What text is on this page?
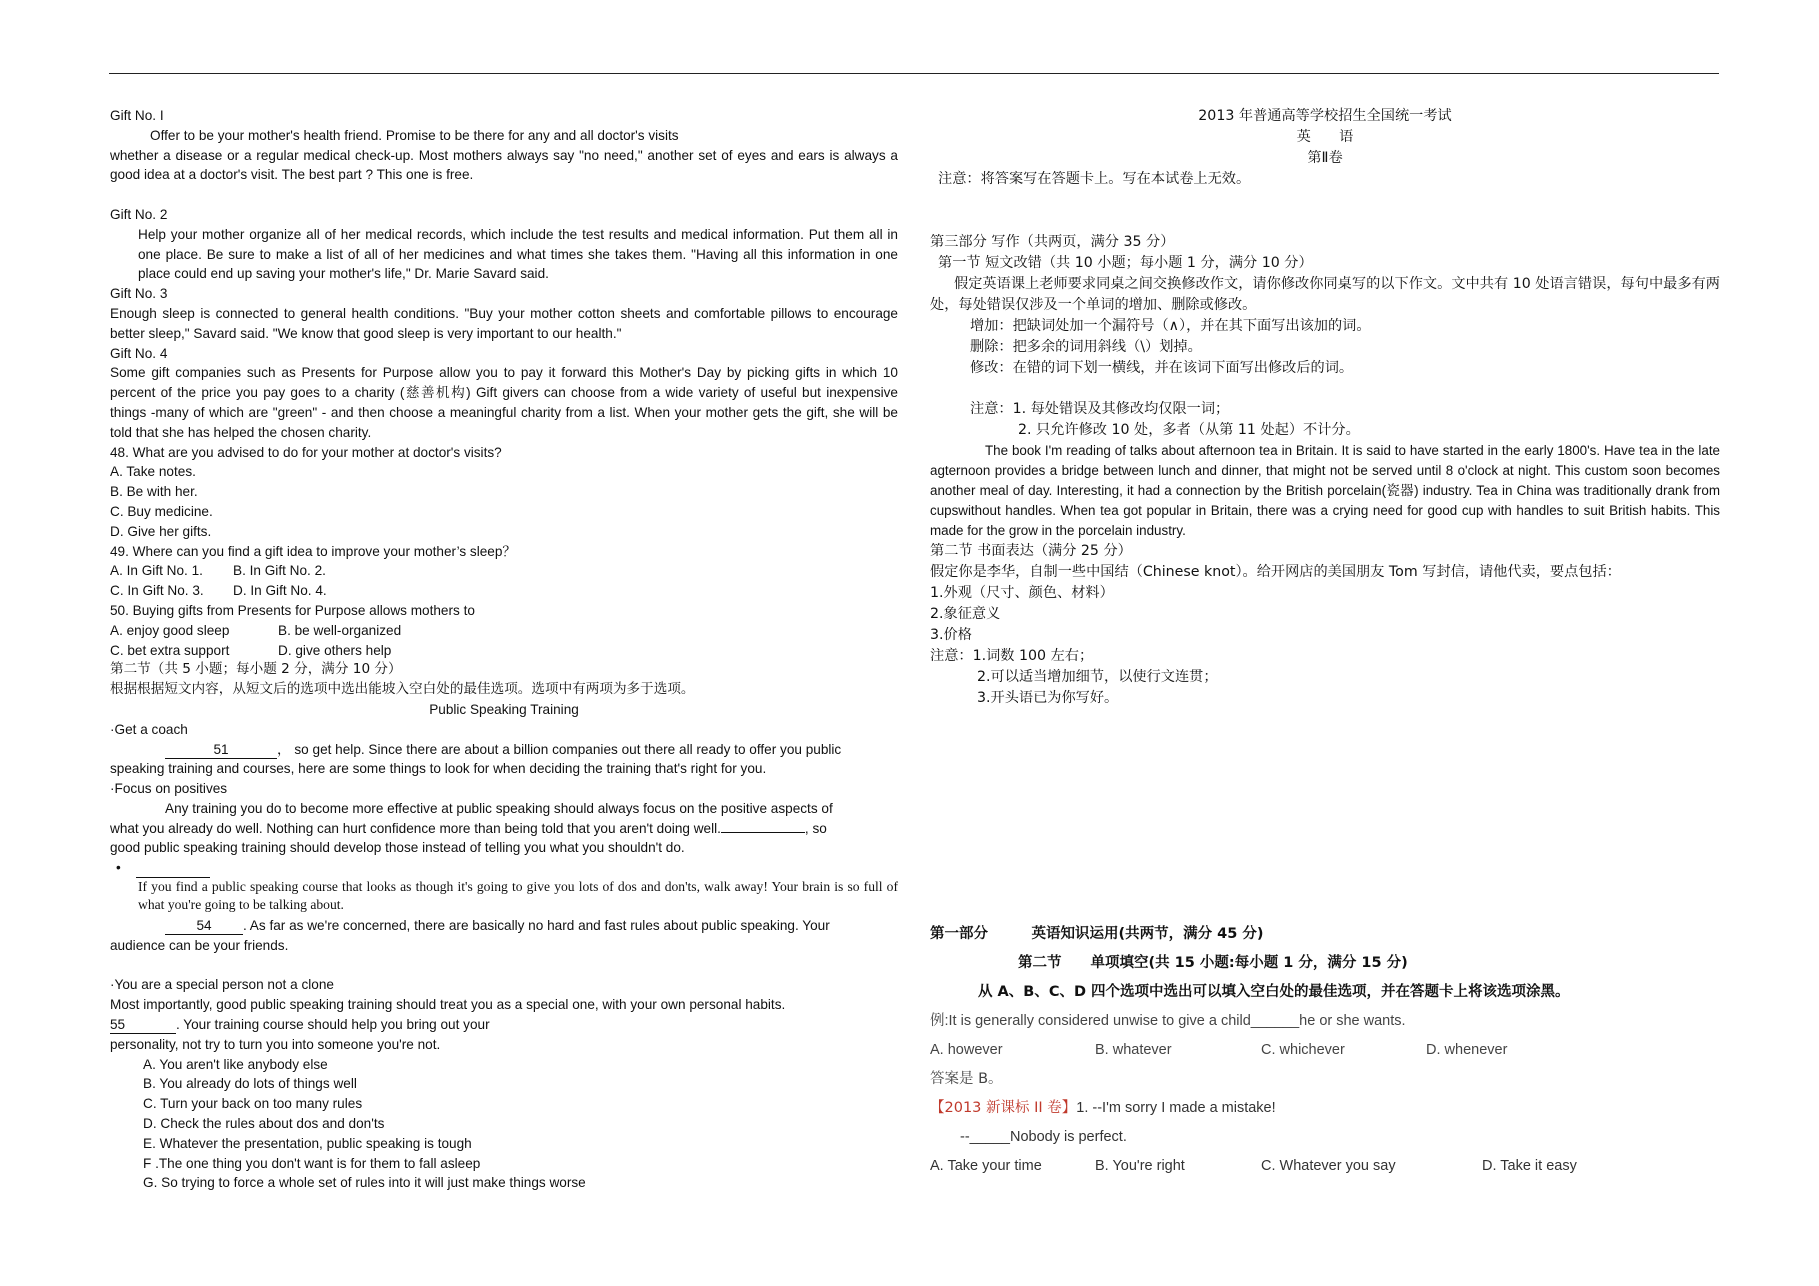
Gift No. I

Offer to be your mother's health friend. Promise to be there for any and all doctor's visits

whether a disease or a regular medical check-up. Most mothers always say "no need," another set of eyes and ears is always a good idea at a doctor's visit. The best part ? This one is free.

Gift No. 2

Help your mother organize all of her medical records, which include the test results and medical information. Put them all in one place. Be sure to make a list of all of her medicines and what times she takes them. "Having all this information in one place could end up saving your mother's life," Dr. Marie Savard said.

Gift No. 3

Enough sleep is connected to general health conditions. "Buy your mother cotton sheets and comfortable pillows to encourage better sleep," Savard said. "We know that good sleep is very important to our health."

Gift No. 4

Some gift companies such as Presents for Purpose allow you to pay it forward this Mother's Day by picking gifts in which 10 percent of the price you pay goes to a charity (慈善机构) Gift givers can choose from a wide variety of useful but inexpensive things -many of which are "green" - and then choose a meaningful charity from a list. When your mother gets the gift, she will be told that she has helped the chosen charity.

48. What are you advised to do for your mother at doctor's visits?

A. Take notes.

B. Be with her.

C. Buy medicine.

D. Give her gifts.

49. Where can you find a gift idea to improve your mother’s sleep？

A. In Gift No. 1.	B. In Gift No. 2.

C. In Gift No. 3.	D. In Gift No. 4.

50. Buying gifts from Presents for Purpose allows mothers to

A. enjoy good sleep	B. be well-organized

C. bet extra support	D. give others help

第二节（共 5 小题；每小题 2 分，满分 10 分）

根据根据短文内容，从短文后的选项中选出能坡入空白处的最佳选项。选项中有两项为多于选项。

Public Speaking Training

·Get a coach

51	， so get help. Since there are about a billion companies out there all ready to offer you public

speaking training and courses, here are some things to look for when deciding the training that's right for you.

·Focus on positives

Any training you do to become more effective at public speaking should always focus on the positive aspects of

what you already do well. Nothing can hurt confidence more than being told that you aren't doing well.	, so

good public speaking training should develop those instead of telling you what you shouldn't do.

•

If you find a public speaking course that looks as though it's going to give you lots of dos and don'ts, walk away! Your brain is so full of what you're going to be talking about.

54 . As far as we're concerned, there are basically no hard and fast rules about public speaking. Your

audience can be your friends.

·You are a special person not a clone

Most importantly, good public speaking training should treat you as a special one, with your own personal habits.

55	. Your training course should help you bring out your

personality, not try to turn you into someone you're not.

A. You aren't like anybody else

B. You already do lots of things well

C. Turn your back on too many rules

D. Check the rules about dos and don'ts

E. Whatever the presentation, public speaking is tough

F .The one thing you don't want is for them to fall asleep

G. So trying to force a whole set of rules into it will just make things worse

2013 年普通高等学校招生全国统一考试

英　　语

第Ⅱ卷

注意：将答案写在答题卡上。写在本试卷上无效。

第三部分 写作（共两页，满分 35 分）

第一节 短文改错（共 10 小题；每小题 1 分，满分 10 分）

假定英语课上老师要求同桌之间交换修改作文，请你修改你同桌写的以下作文。文中共有 10 处语言错误，每句中最多有两处，每处错误仅涉及一个单词的增加、删除或修改。

增加：把缺词处加一个漏符号（∧），并在其下面写出该加的词。

删除：把多余的词用斜线（\）划掉。

修改：在错的词下划一横线，并在该词下面写出修改后的词。

注意：1. 每处错误及其修改均仅限一词；

2. 只允许修改 10 处，多者（从第 11 处起）不计分。

The book I'm reading of talks about afternoon tea in Britain. It is said to have started in the early 1800's. Have tea in the late agternoon provides a bridge between lunch and dinner, that might not be served until 8 o'clock at night. This custom soon becomes another meal of day. Interesting, it had a connection by the British porcelain(瓷器) industry. Tea in China was traditionally drank from cupswithout handles. When tea got popular in Britain, there was a crying need for good cup with handles to suit British habits. This made for the grow in the porcelain industry.

第二节 书面表达（满分 25 分）

假定你是李华，自制一些中国结（Chinese knot）。给开网店的美国朋友 Tom 写封信，请他代卖，要点包括：

1.外观（尺寸、颜色、材料）

2.象征意义

3.价格

注意：1.词数 100 左右；

2.可以适当增加细节，以使行文连贯；

3.开头语已为你写好。

第一部分　　　英语知识运用(共两节，满分 45 分)

第二节　　单项填空(共 15 小题:每小题 1 分，满分 15 分)

从 A、B、C、D 四个选项中选出可以填入空白处的最佳选项，并在答题卡上将该选项涂黑。

例:It is generally considered unwise to give a child______he or she wants.

A. however	B. whatever	C. whichever	D. whenever

答案是 B。

【2013 新课标 II 卷】1. --I'm sorry I made a mistake!

--_____Nobody is perfect.

A. Take your time	B. You're right	C. Whatever you say	D. Take it easy
